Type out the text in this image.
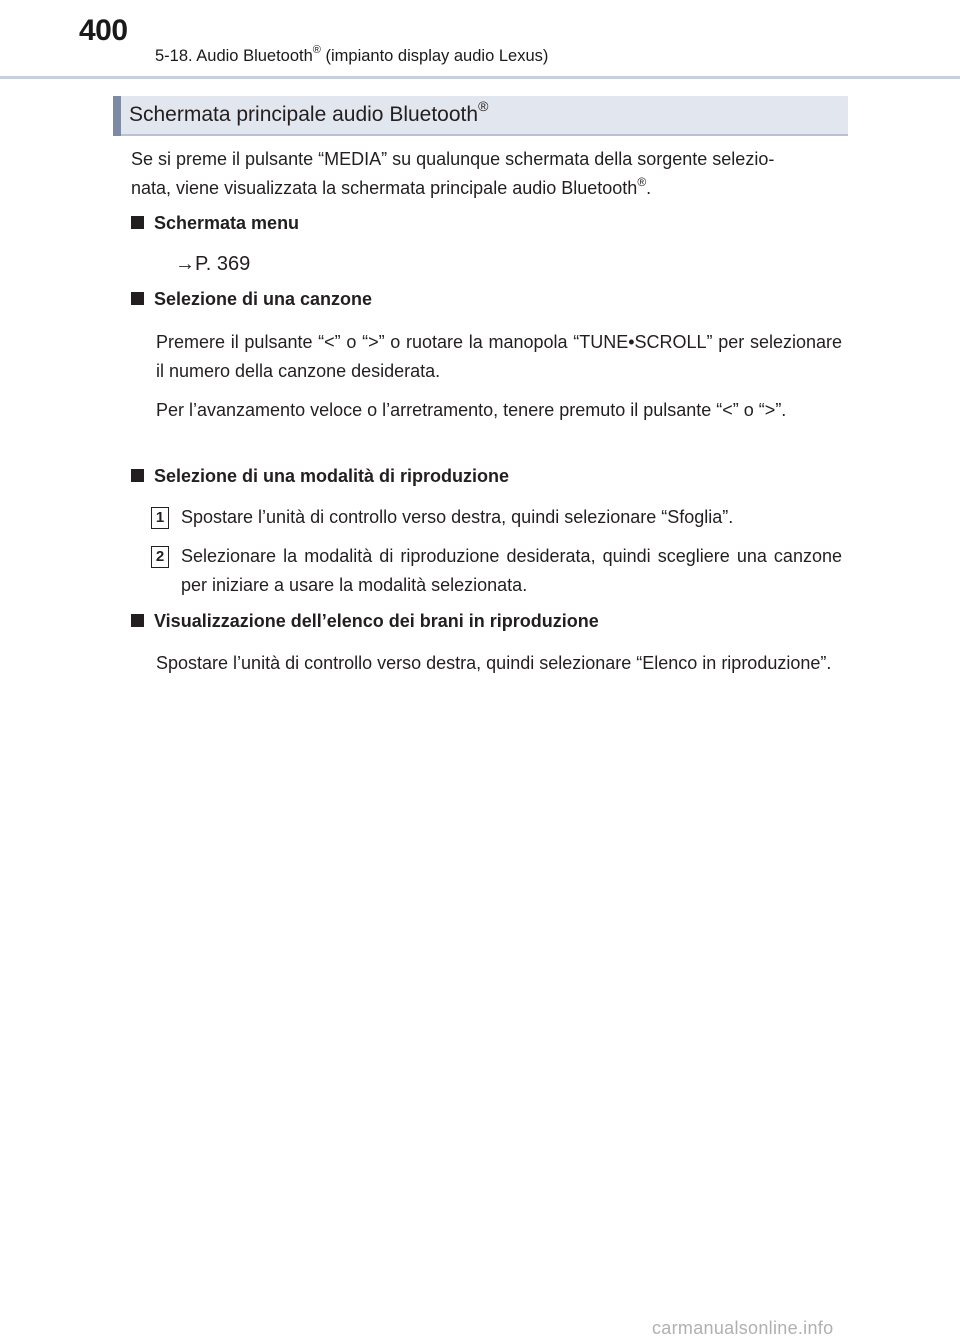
400
5-18. Audio Bluetooth® (impianto display audio Lexus)
Schermata principale audio Bluetooth®
Se si preme il pulsante “MEDIA” su qualunque schermata della sorgente selezio-
nata, viene visualizzata la schermata principale audio Bluetooth®.
Schermata menu
→P. 369
Selezione di una canzone
Premere il pulsante “<” o “>” o ruotare la manopola “TUNE•SCROLL” per selezionare il numero della canzone desiderata.
Per l’avanzamento veloce o l’arretramento, tenere premuto il pulsante “<” o “>”.
Selezione di una modalità di riproduzione
1 Spostare l’unità di controllo verso destra, quindi selezionare “Sfoglia”.
2 Selezionare la modalità di riproduzione desiderata, quindi scegliere una canzone per iniziare a usare la modalità selezionata.
Visualizzazione dell’elenco dei brani in riproduzione
Spostare l’unità di controllo verso destra, quindi selezionare “Elenco in riproduzione”.
carmanualsonline.info
